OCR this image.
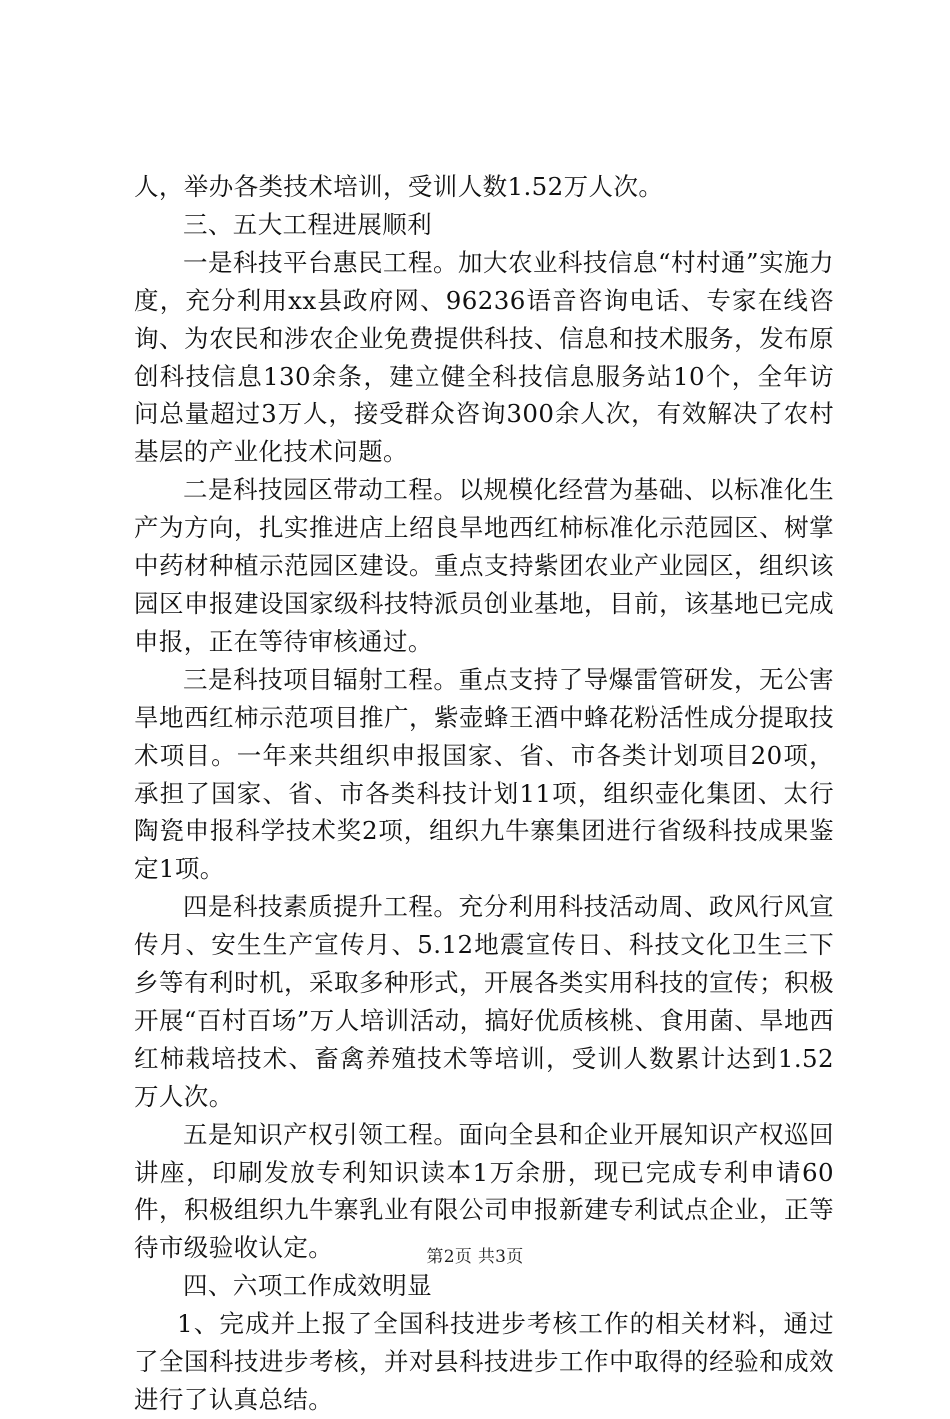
人，举办各类技术培训，受训人数1.52万人次。

三、五大工程进展顺利

一是科技平台惠民工程。加大农业科技信息“村村通”实施力度，充分利用xx县政府网、96236语音咨询电话、专家在线咨询、为农民和涉农企业免费提供科技、信息和技术服务，发布原创科技信息130余条，建立健全科技信息服务站10个，全年访问总量超过3万人，接受群众咨询300余人次，有效解决了农村基层的产业化技术问题。

二是科技园区带动工程。以规模化经营为基础、以标准化生产为方向，扎实推进店上绍良旱地西红柿标准化示范园区、树掌中药材种植示范园区建设。重点支持紫团农业产业园区，组织该园区申报建设国家级科技特派员创业基地，目前，该基地已完成申报，正在等待审核通过。

三是科技项目辐射工程。重点支持了导爆雷管研发，无公害旱地西红柿示范项目推广，紫壶蜂王酒中蜂花粉活性成分提取技术项目。一年来共组织申报国家、省、市各类计划项目20项，承担了国家、省、市各类科技计划11项，组织壶化集团、太行陶瓷申报科学技术奖2项，组织九牛寨集团进行省级科技成果鉴定1项。

四是科技素质提升工程。充分利用科技活动周、政风行风宣传月、安生生产宣传月、5.12地震宣传日、科技文化卫生三下乡等有利时机，采取多种形式，开展各类实用科技的宣传；积极开展“百村百场”万人培训活动，搞好优质核桃、食用菌、旱地西红柿栽培技术、畜禽养殖技术等培训，受训人数累计达到1.52万人次。

五是知识产权引领工程。面向全县和企业开展知识产权巡回讲座，印刷发放专利知识读本1万余册，现已完成专利申请60件，积极组织九牛寨乳业有限公司申报新建专利试点企业，正等待市级验收认定。

四、六项工作成效明显

1、完成并上报了全国科技进步考核工作的相关材料，通过了全国科技进步考核，并对县科技进步工作中取得的经验和成效进行了认真总结。

第2页 共3页
